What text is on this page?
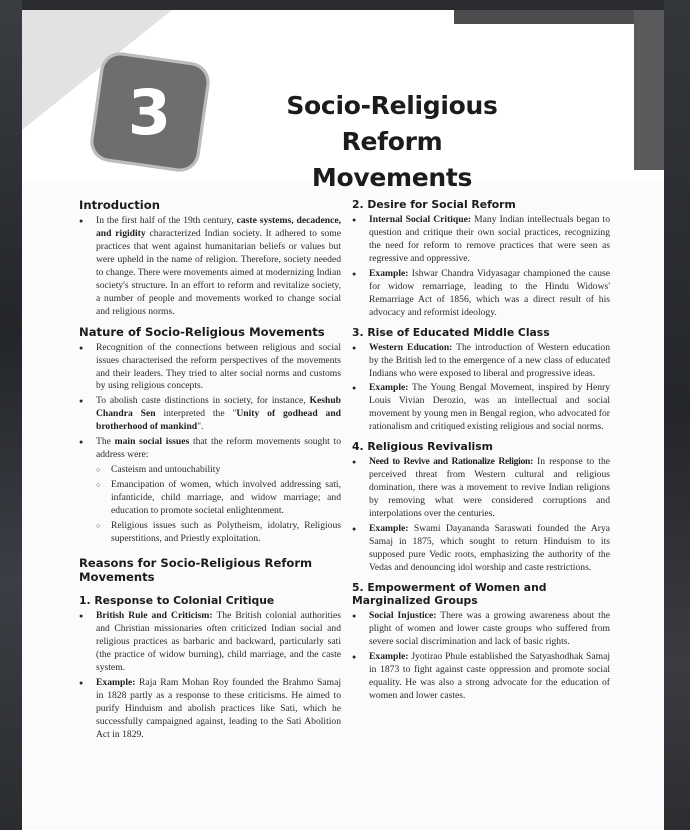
3	Socio-Religious Reform
Movements
Introduction
● In the first half of the 19th century, caste systems, decadence, and rigidity characterized Indian society. It adhered to some practices that went against humanitarian beliefs or values but were upheld in the name of religion. Therefore, society needed to change. There were movements aimed at modernizing Indian society's structure. In an effort to reform and revitalize society, a number of people and movements worked to change social and religious norms.
Nature of Socio-Religious Movements
● Recognition of the connections between religious and social issues characterised the reform perspectives of the movements and their leaders. They tried to alter social norms and customs by using religious concepts.
● To abolish caste distinctions in society, for instance, Keshub Chandra Sen interpreted the "Unity of godhead and brotherhood of mankind".
● The main social issues that the reform movements sought to address were:
○ Casteism and untouchability
○ Emancipation of women, which involved addressing sati, infanticide, child marriage, and widow marriage; and education to promote societal enlightenment.
○ Religious issues such as Polytheism, idolatry, Religious superstitions, and Priestly exploitation.
Reasons for Socio-Religious Reform Movements
1. Response to Colonial Critique
● British Rule and Criticism: The British colonial authorities and Christian missionaries often criticized Indian social and religious practices as barbaric and backward, particularly sati (the practice of widow burning), child marriage, and the caste system.
● Example: Raja Ram Mohan Roy founded the Brahmo Samaj in 1828 partly as a response to these criticisms. He aimed to purify Hinduism and abolish practices like Sati, which he successfully campaigned against, leading to the Sati Abolition Act in 1829.
2. Desire for Social Reform
● Internal Social Critique: Many Indian intellectuals began to question and critique their own social practices, recognizing the need for reform to remove practices that were seen as regressive and oppressive.
● Example: Ishwar Chandra Vidyasagar championed the cause for widow remarriage, leading to the Hindu Widows' Remarriage Act of 1856, which was a direct result of his advocacy and reformist ideology.
3. Rise of Educated Middle Class
● Western Education: The introduction of Western education by the British led to the emergence of a new class of educated Indians who were exposed to liberal and progressive ideas.
● Example: The Young Bengal Movement, inspired by Henry Louis Vivian Derozio, was an intellectual and social movement by young men in Bengal region, who advocated for rationalism and critiqued existing religious and social norms.
4. Religious Revivalism
● Need to Revive and Rationalize Religion: In response to the perceived threat from Western cultural and religious domination, there was a movement to revive Indian religions by removing what were considered corruptions and interpolations over the centuries.
● Example: Swami Dayananda Saraswati founded the Arya Samaj in 1875, which sought to return Hinduism to its supposed pure Vedic roots, emphasizing the authority of the Vedas and denouncing idol worship and caste restrictions.
5. Empowerment of Women and Marginalized Groups
● Social Injustice: There was a growing awareness about the plight of women and lower caste groups who suffered from severe social discrimination and lack of basic rights.
● Example: Jyotirao Phule established the Satyashodhak Samaj in 1873 to fight against caste oppression and promote social equality. He was also a strong advocate for the education of women and lower castes.
